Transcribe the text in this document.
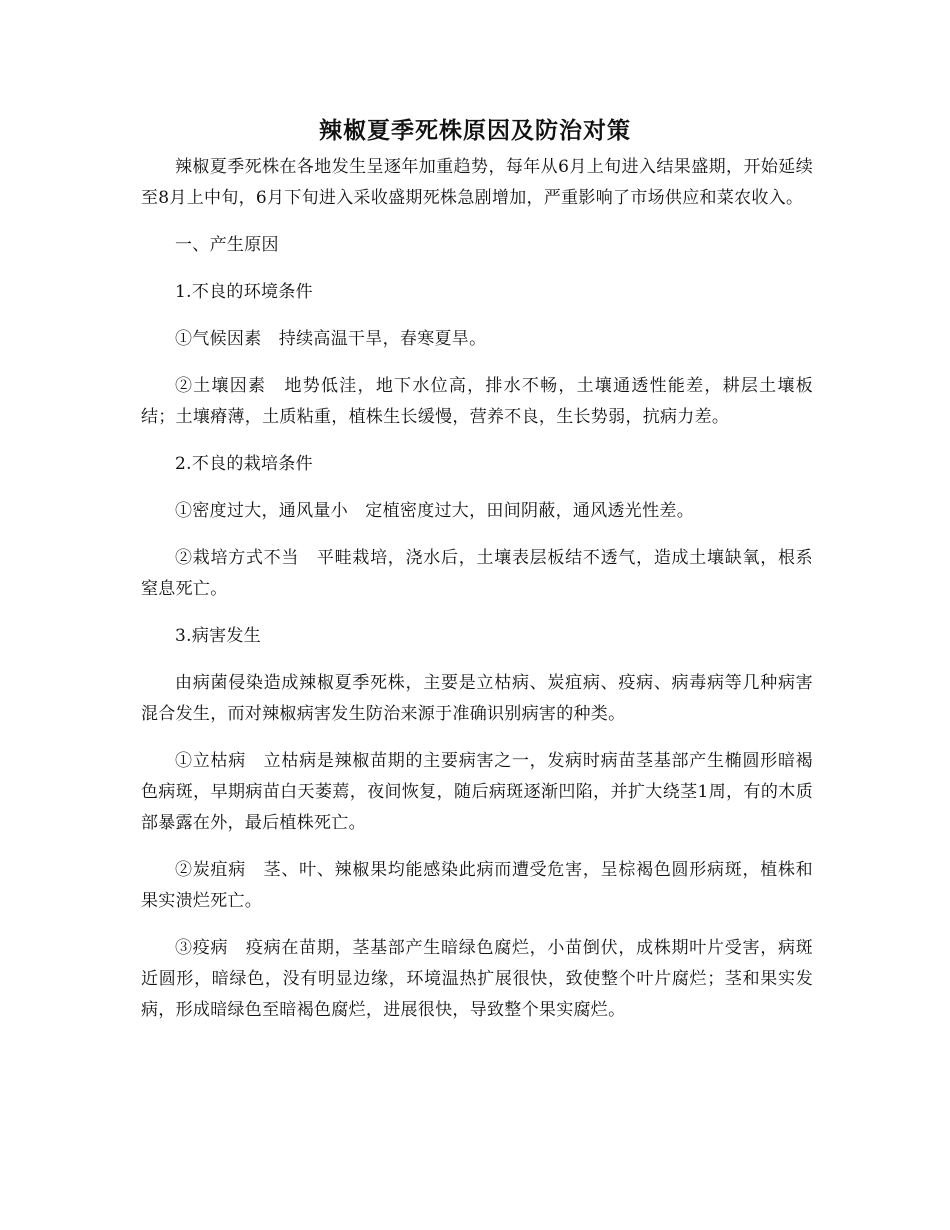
辣椒夏季死株原因及防治对策

辣椒夏季死株在各地发生呈逐年加重趋势，每年从6月上旬进入结果盛期，开始延续至8月上中旬，6月下旬进入采收盛期死株急剧增加，严重影响了市场供应和菜农收入。

一、产生原因

1.不良的环境条件

①气候因素　持续高温干旱，春寒夏旱。

②土壤因素　地势低洼，地下水位高，排水不畅，土壤通透性能差，耕层土壤板结；土壤瘠薄，土质粘重，植株生长缓慢，营养不良，生长势弱，抗病力差。

2.不良的栽培条件

①密度过大，通风量小　定植密度过大，田间阴蔽，通风透光性差。

②栽培方式不当　平畦栽培，浇水后，土壤表层板结不透气，造成土壤缺氧，根系窒息死亡。

3.病害发生

由病菌侵染造成辣椒夏季死株，主要是立枯病、炭疽病、疫病、病毒病等几种病害混合发生，而对辣椒病害发生防治来源于准确识别病害的种类。

①立枯病　立枯病是辣椒苗期的主要病害之一，发病时病苗茎基部产生椭圆形暗褐色病斑，早期病苗白天萎蔫，夜间恢复，随后病斑逐渐凹陷，并扩大绕茎1周，有的木质部暴露在外，最后植株死亡。

②炭疽病　茎、叶、辣椒果均能感染此病而遭受危害，呈棕褐色圆形病斑，植株和果实溃烂死亡。

③疫病　疫病在苗期，茎基部产生暗绿色腐烂，小苗倒伏，成株期叶片受害，病斑近圆形，暗绿色，没有明显边缘，环境温热扩展很快，致使整个叶片腐烂；茎和果实发病，形成暗绿色至暗褐色腐烂，进展很快，导致整个果实腐烂。
